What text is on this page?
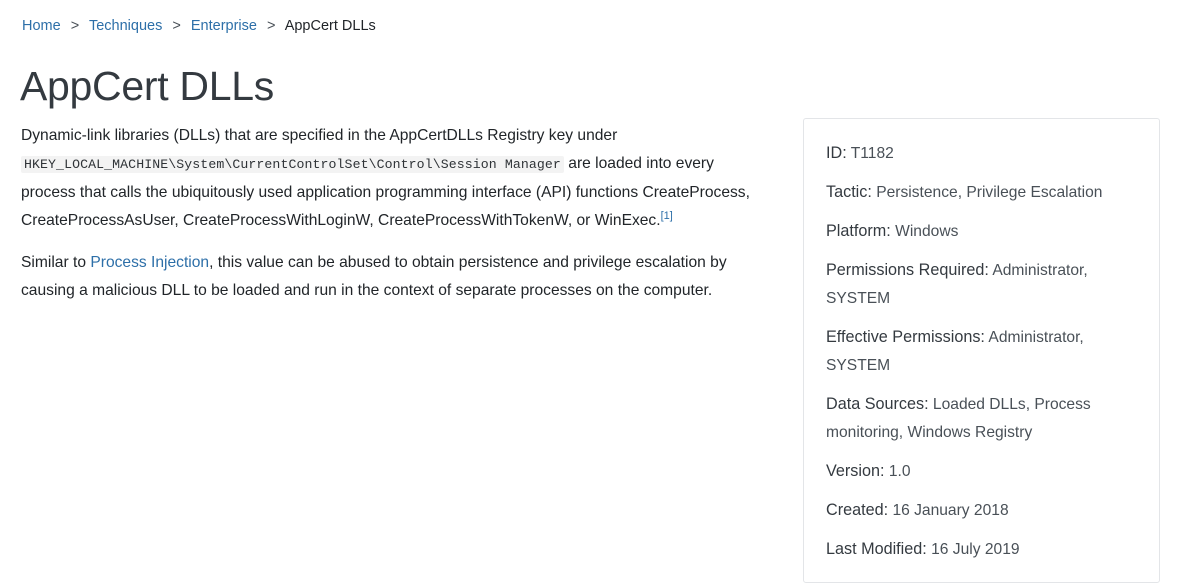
Home > Techniques > Enterprise > AppCert DLLs
AppCert DLLs

Dynamic-link libraries (DLLs) that are specified in the AppCertDLLs Registry key under HKEY_LOCAL_MACHINE\System\CurrentControlSet\Control\Session Manager are loaded into every process that calls the ubiquitously used application programming interface (API) functions CreateProcess, CreateProcessAsUser, CreateProcessWithLoginW, CreateProcessWithTokenW, or WinExec.[1]

Similar to Process Injection, this value can be abused to obtain persistence and privilege escalation by causing a malicious DLL to be loaded and run in the context of separate processes on the computer.

ID: T1182
Tactic: Persistence, Privilege Escalation
Platform: Windows
Permissions Required: Administrator, SYSTEM
Effective Permissions: Administrator, SYSTEM
Data Sources: Loaded DLLs, Process monitoring, Windows Registry
Version: 1.0
Created: 16 January 2018
Last Modified: 16 July 2019
